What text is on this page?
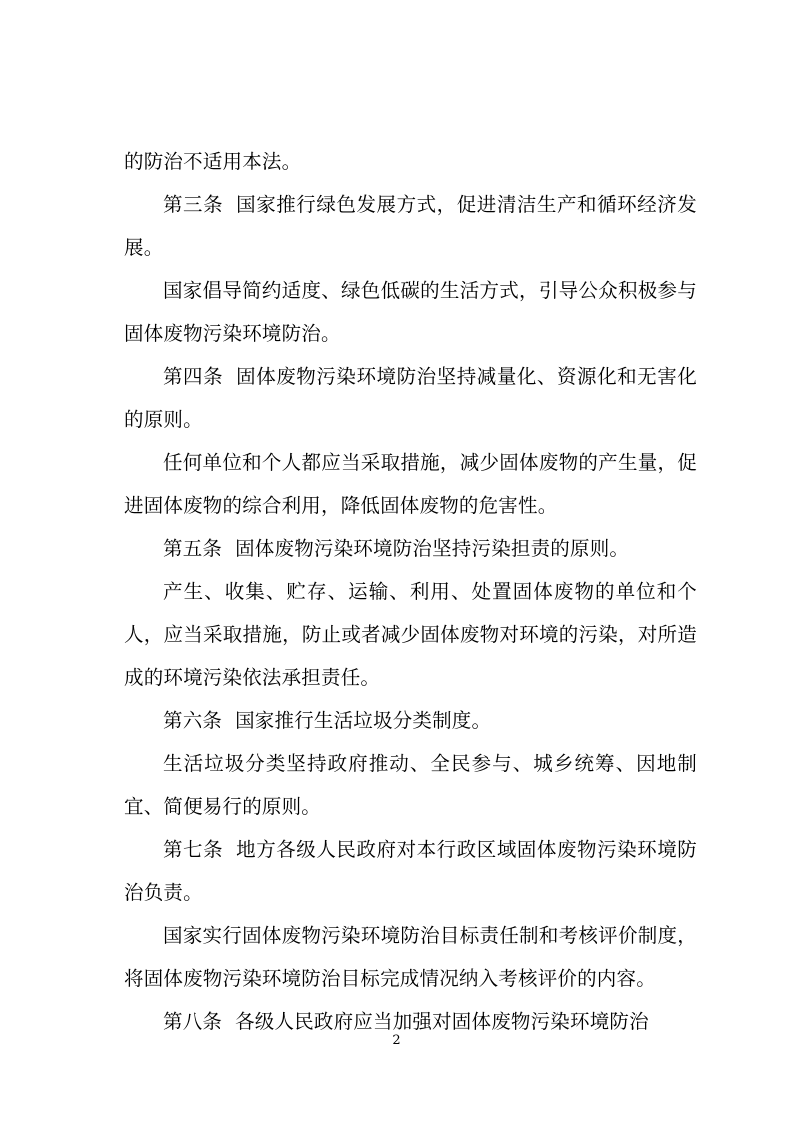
的防治不适用本法。

第三条 国家推行绿色发展方式，促进清洁生产和循环经济发展。

国家倡导简约适度、绿色低碳的生活方式，引导公众积极参与固体废物污染环境防治。

第四条 固体废物污染环境防治坚持减量化、资源化和无害化的原则。

任何单位和个人都应当采取措施，减少固体废物的产生量，促进固体废物的综合利用，降低固体废物的危害性。

第五条 固体废物污染环境防治坚持污染担责的原则。

产生、收集、贮存、运输、利用、处置固体废物的单位和个人，应当采取措施，防止或者减少固体废物对环境的污染，对所造成的环境污染依法承担责任。

第六条 国家推行生活垃圾分类制度。

生活垃圾分类坚持政府推动、全民参与、城乡统筹、因地制宜、简便易行的原则。

第七条 地方各级人民政府对本行政区域固体废物污染环境防治负责。

国家实行固体废物污染环境防治目标责任制和考核评价制度，将固体废物污染环境防治目标完成情况纳入考核评价的内容。

第八条 各级人民政府应当加强对固体废物污染环境防治

2
